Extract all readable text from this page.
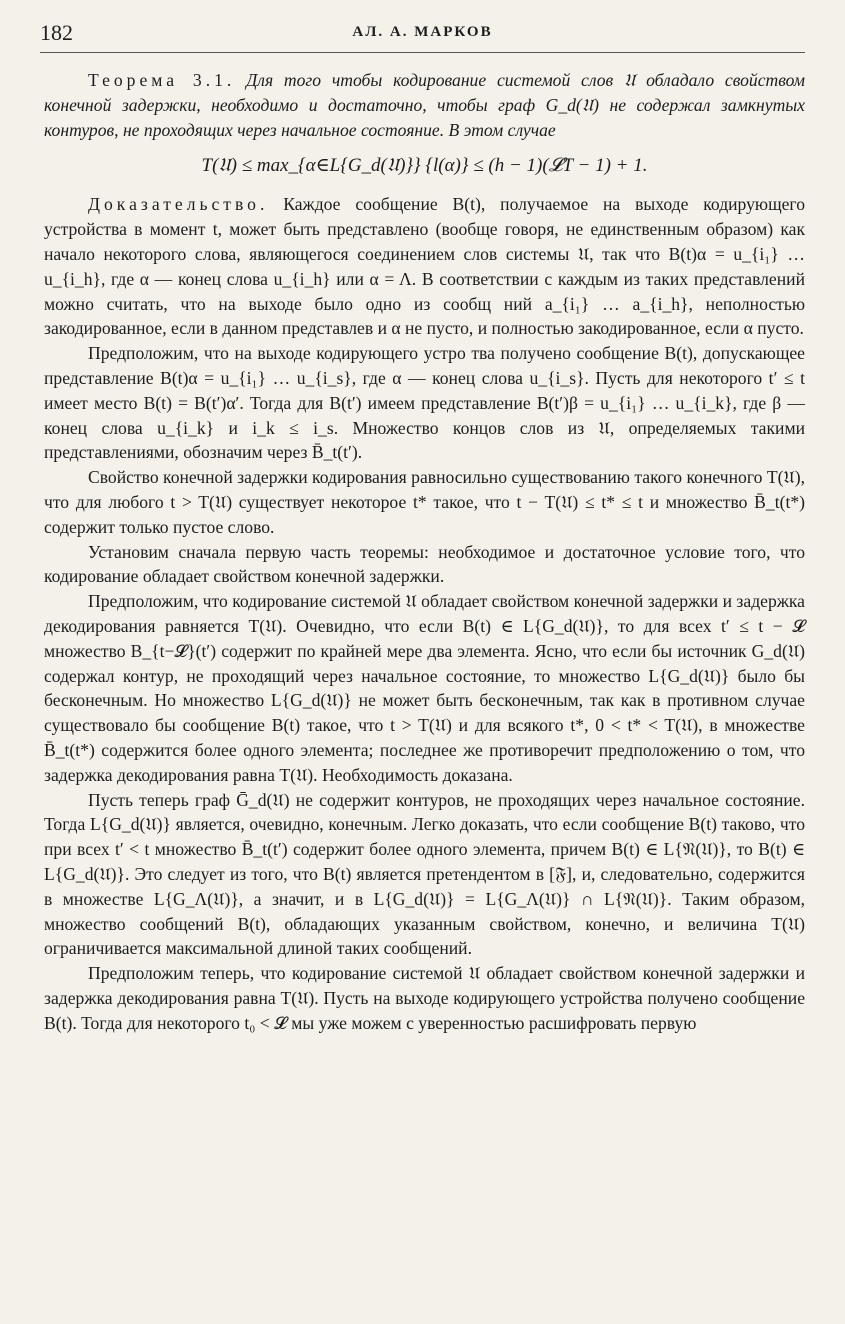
182	АЛ. А. МАРКОВ

Теорема 3.1. Для того чтобы кодирование системой слов 𝔘 обладало свойством конечной задержки, необходимо и достаточно, чтобы граф G_d(𝔘) не содержал замкнутых контуров, не проходящих через начальное состояние. В этом случае

T(𝔘) ≤ max_{α∈L{G_d(𝔘)}} {l(α)} ≤ (h − 1)(𝓛T − 1) + 1.

Доказательство. Каждое сообщение B(t), получаемое на выходе кодирующего устройства в момент t, может быть представлено (вообще говоря, не единственным образом) как начало некоторого слова, являющегося соединением слов системы 𝔘, так что B(t)α = u_{i₁} … u_{i_h}, где α — конец слова u_{i_h} или α = Λ. В соответствии с каждым из таких представлений можно считать, что на выходе было одно из сообщ ний a_{i₁} … a_{i_h}, неполностью закодированное, если в данном представлев и α не пусто, и полностью закодированное, если α пусто.

Предположим, что на выходе кодирующего устро тва получено сообщение B(t), допускающее представление B(t)α = u_{i₁} … u_{i_s}, где α — конец слова u_{i_s}. Пусть для некоторого t′ ≤ t имеет место B(t) = B(t′)α′. Тогда для B(t′) имеем представление B(t′)β = u_{i₁} … u_{i_k}, где β — конец слова u_{i_k} и i_k ≤ i_s. Множество концов слов из 𝔘, определяемых такими представлениями, обозначим через B̄_t(t′).

Свойство конечной задержки кодирования равносильно существованию такого конечного T(𝔘), что для любого t > T(𝔘) существует некоторое t* такое, что t − T(𝔘) ≤ t* ≤ t и множество B̄_t(t*) содержит только пустое слово.

Установим сначала первую часть теоремы: необходимое и достаточное условие того, что кодирование обладает свойством конечной задержки.

Предположим, что кодирование системой 𝔘 обладает свойством конечной задержки и задержка декодирования равняется T(𝔘). Очевидно, что если B(t) ∈ L{G_d(𝔘)}, то для всех t′ ≤ t − 𝓛 множество B_{t−𝓛}(t′) содержит по крайней мере два элемента. Ясно, что если бы источник G_d(𝔘) содержал контур, не проходящий через начальное состояние, то множество L{G_d(𝔘)} было бы бесконечным. Но множество L{G_d(𝔘)} не может быть бесконечным, так как в противном случае существовало бы сообщение B(t) такое, что t > T(𝔘) и для всякого t*, 0 < t* < T(𝔘), в множестве B̄_t(t*) содержится более одного элемента; последнее же противоречит предположению о том, что задержка декодирования равна T(𝔘). Необходимость доказана.

Пусть теперь граф Ḡ_d(𝔘) не содержит контуров, не проходящих через начальное состояние. Тогда L{G_d(𝔘)} является, очевидно, конечным. Легко доказать, что если сообщение B(t) таково, что при всех t′ < t множество B̄_t(t′) содержит более одного элемента, причем B(t) ∈ L{𝔑(𝔘)}, то B(t) ∈ L{G_d(𝔘)}. Это следует из того, что B(t) является претендентом в [𝔉], и, следовательно, содержится в множестве L{G_Λ(𝔘)}, а значит, и в L{G_d(𝔘)} = L{G_Λ(𝔘)} ∩ L{𝔑(𝔘)}. Таким образом, множество сообщений B(t), обладающих указанным свойством, конечно, и величина T(𝔘) ограничивается максимальной длиной таких сообщений.

Предположим теперь, что кодирование системой 𝔘 обладает свойством конечной задержки и задержка декодирования равна T(𝔘). Пусть на выходе кодирующего устройства получено сообщение B(t). Тогда для некоторого t₀ < 𝓛 мы уже можем с уверенностью расшифровать первую
